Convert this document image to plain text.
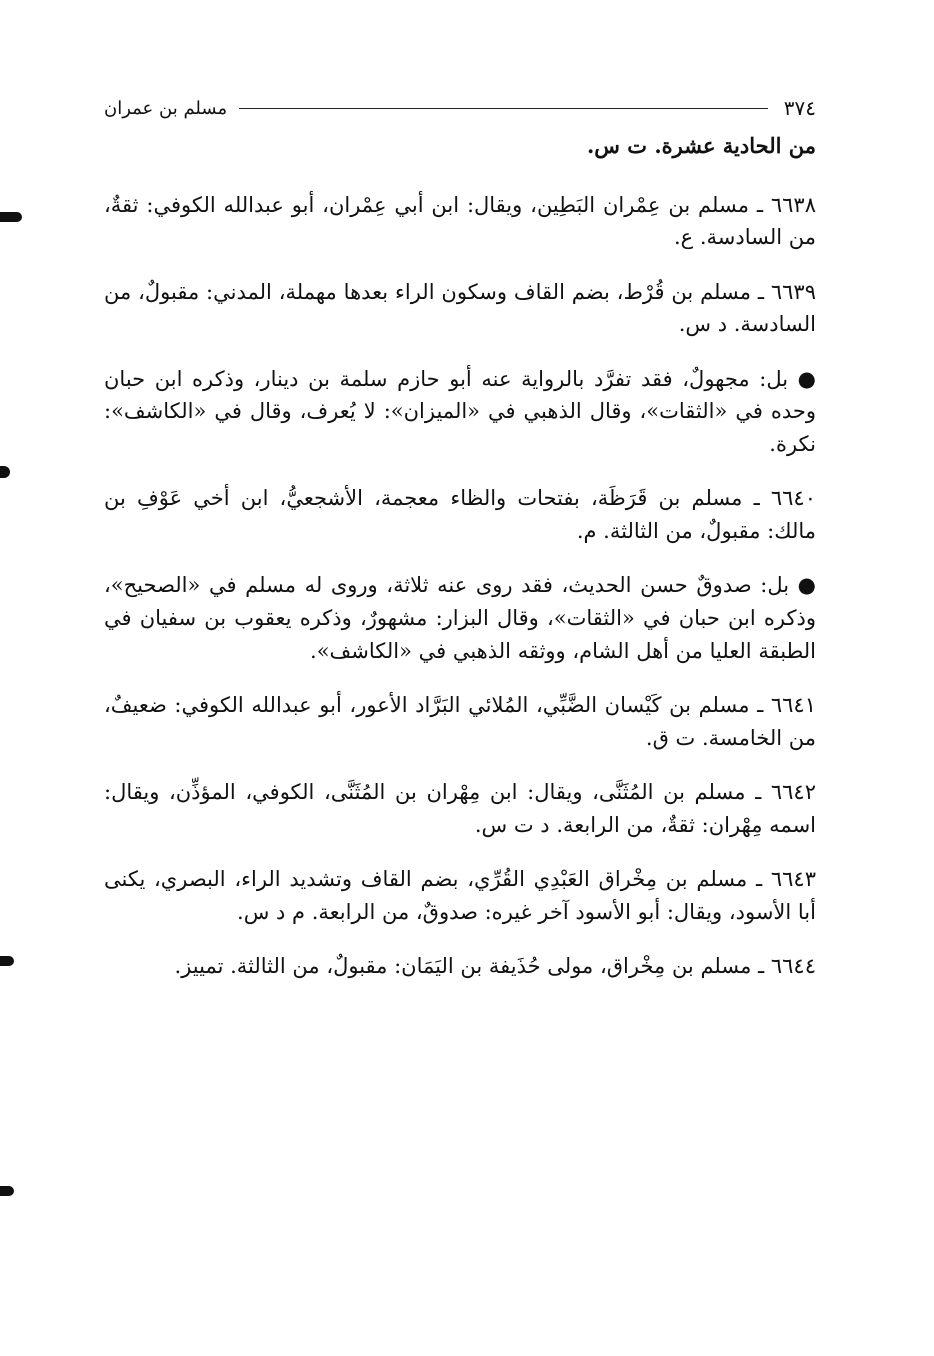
٣٧٤
مسلم بن عمران

من الحادية عشرة. ت س.

٦٦٣٨ ـ مسلم بن عِمْران البَطِين، ويقال: ابن أبي عِمْران، أبو عبدالله الكوفي: ثقةٌ، من السادسة. ع.

٦٦٣٩ ـ مسلم بن قُرْط، بضم القاف وسكون الراء بعدها مهملة، المدني: مقبولٌ، من السادسة. د س.

● بل: مجهولٌ، فقد تفرَّد بالرواية عنه أبو حازم سلمة بن دينار، وذكره ابن حبان وحده في «الثقات»، وقال الذهبي في «الميزان»: لا يُعرف، وقال في «الكاشف»: نكرة.

٦٦٤٠ ـ مسلم بن قَرَظَة، بفتحات والظاء معجمة، الأشجعيُّ، ابن أخي عَوْفِ بن مالك: مقبولٌ، من الثالثة. م.

● بل: صدوقٌ حسن الحديث، فقد روى عنه ثلاثة، وروى له مسلم في «الصحيح»، وذكره ابن حبان في «الثقات»، وقال البزار: مشهورٌ، وذكره يعقوب بن سفيان في الطبقة العليا من أهل الشام، ووثقه الذهبي في «الكاشف».

٦٦٤١ ـ مسلم بن كَيْسان الضَّبِّي، المُلائي البَرَّاد الأعور، أبو عبدالله الكوفي: ضعيفٌ، من الخامسة. ت ق.

٦٦٤٢ ـ مسلم بن المُثَنَّى، ويقال: ابن مِهْران بن المُثَنَّى، الكوفي، المؤذِّن، ويقال: اسمه مِهْران: ثقةٌ، من الرابعة. د ت س.

٦٦٤٣ ـ مسلم بن مِخْراق العَبْدِي القُرِّي، بضم القاف وتشديد الراء، البصري، يكنى أبا الأسود، ويقال: أبو الأسود آخر غيره: صدوقٌ، من الرابعة. م د س.

٦٦٤٤ ـ مسلم بن مِخْراق، مولى حُذَيفة بن اليَمَان: مقبولٌ، من الثالثة. تمييز.
